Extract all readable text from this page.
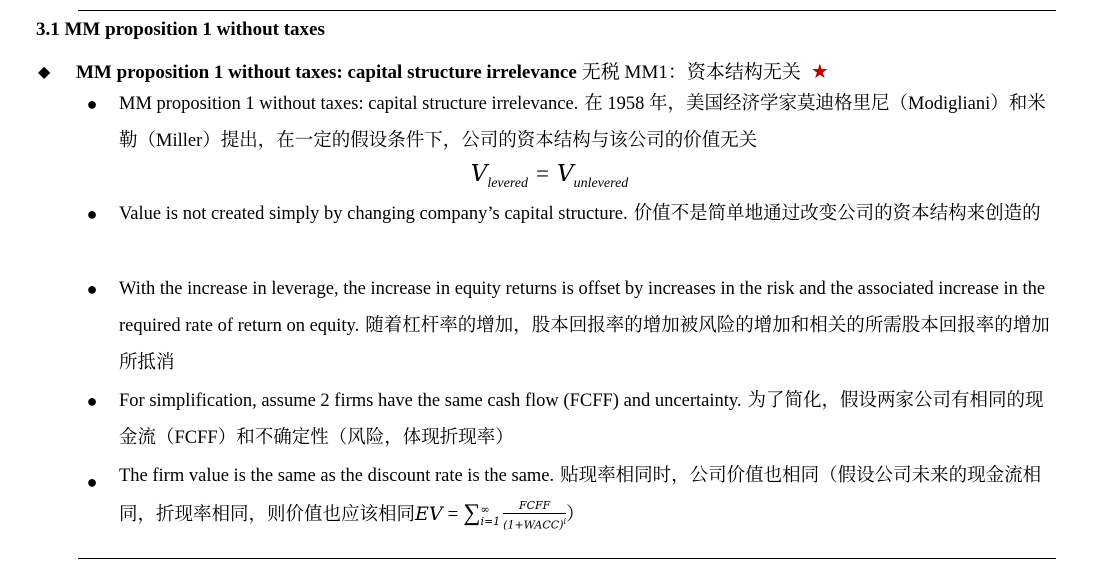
3.1 MM proposition 1 without taxes
◆ MM proposition 1 without taxes: capital structure irrelevance 无税 MM1：资本结构无关 ★
●	MM proposition 1 without taxes: capital structure irrelevance. 在 1958 年，美国经济学家莫迪格里尼（Modigliani）和米勒（Miller）提出，在一定的假设条件下，公司的资本结构与该公司的价值无关
$V_{levered} = V_{unlevered}$
●	Value is not created simply by changing company’s capital structure. 价值不是简单地通过改变公司的资本结构来创造的
●	With the increase in leverage, the increase in equity returns is offset by increases in the risk and the associated increase in the required rate of return on equity. 随着杠杆率的增加，股本回报率的增加被风险的增加和相关的所需股本回报率的增加所抵消
●	For simplification, assume 2 firms have the same cash flow (FCFF) and uncertainty. 为了简化，假设两家公司有相同的现金流（FCFF）和不确定性（风险，体现折现率）
●	The firm value is the same as the discount rate is the same. 贴现率相同时，公司价值也相同（假设公司未来的现金流相同，折现率相同，则价值也应该相同EV = ∑∞
$i=1 \frac{\text{FCFF}}{(1+WACC)^i}$ ）
